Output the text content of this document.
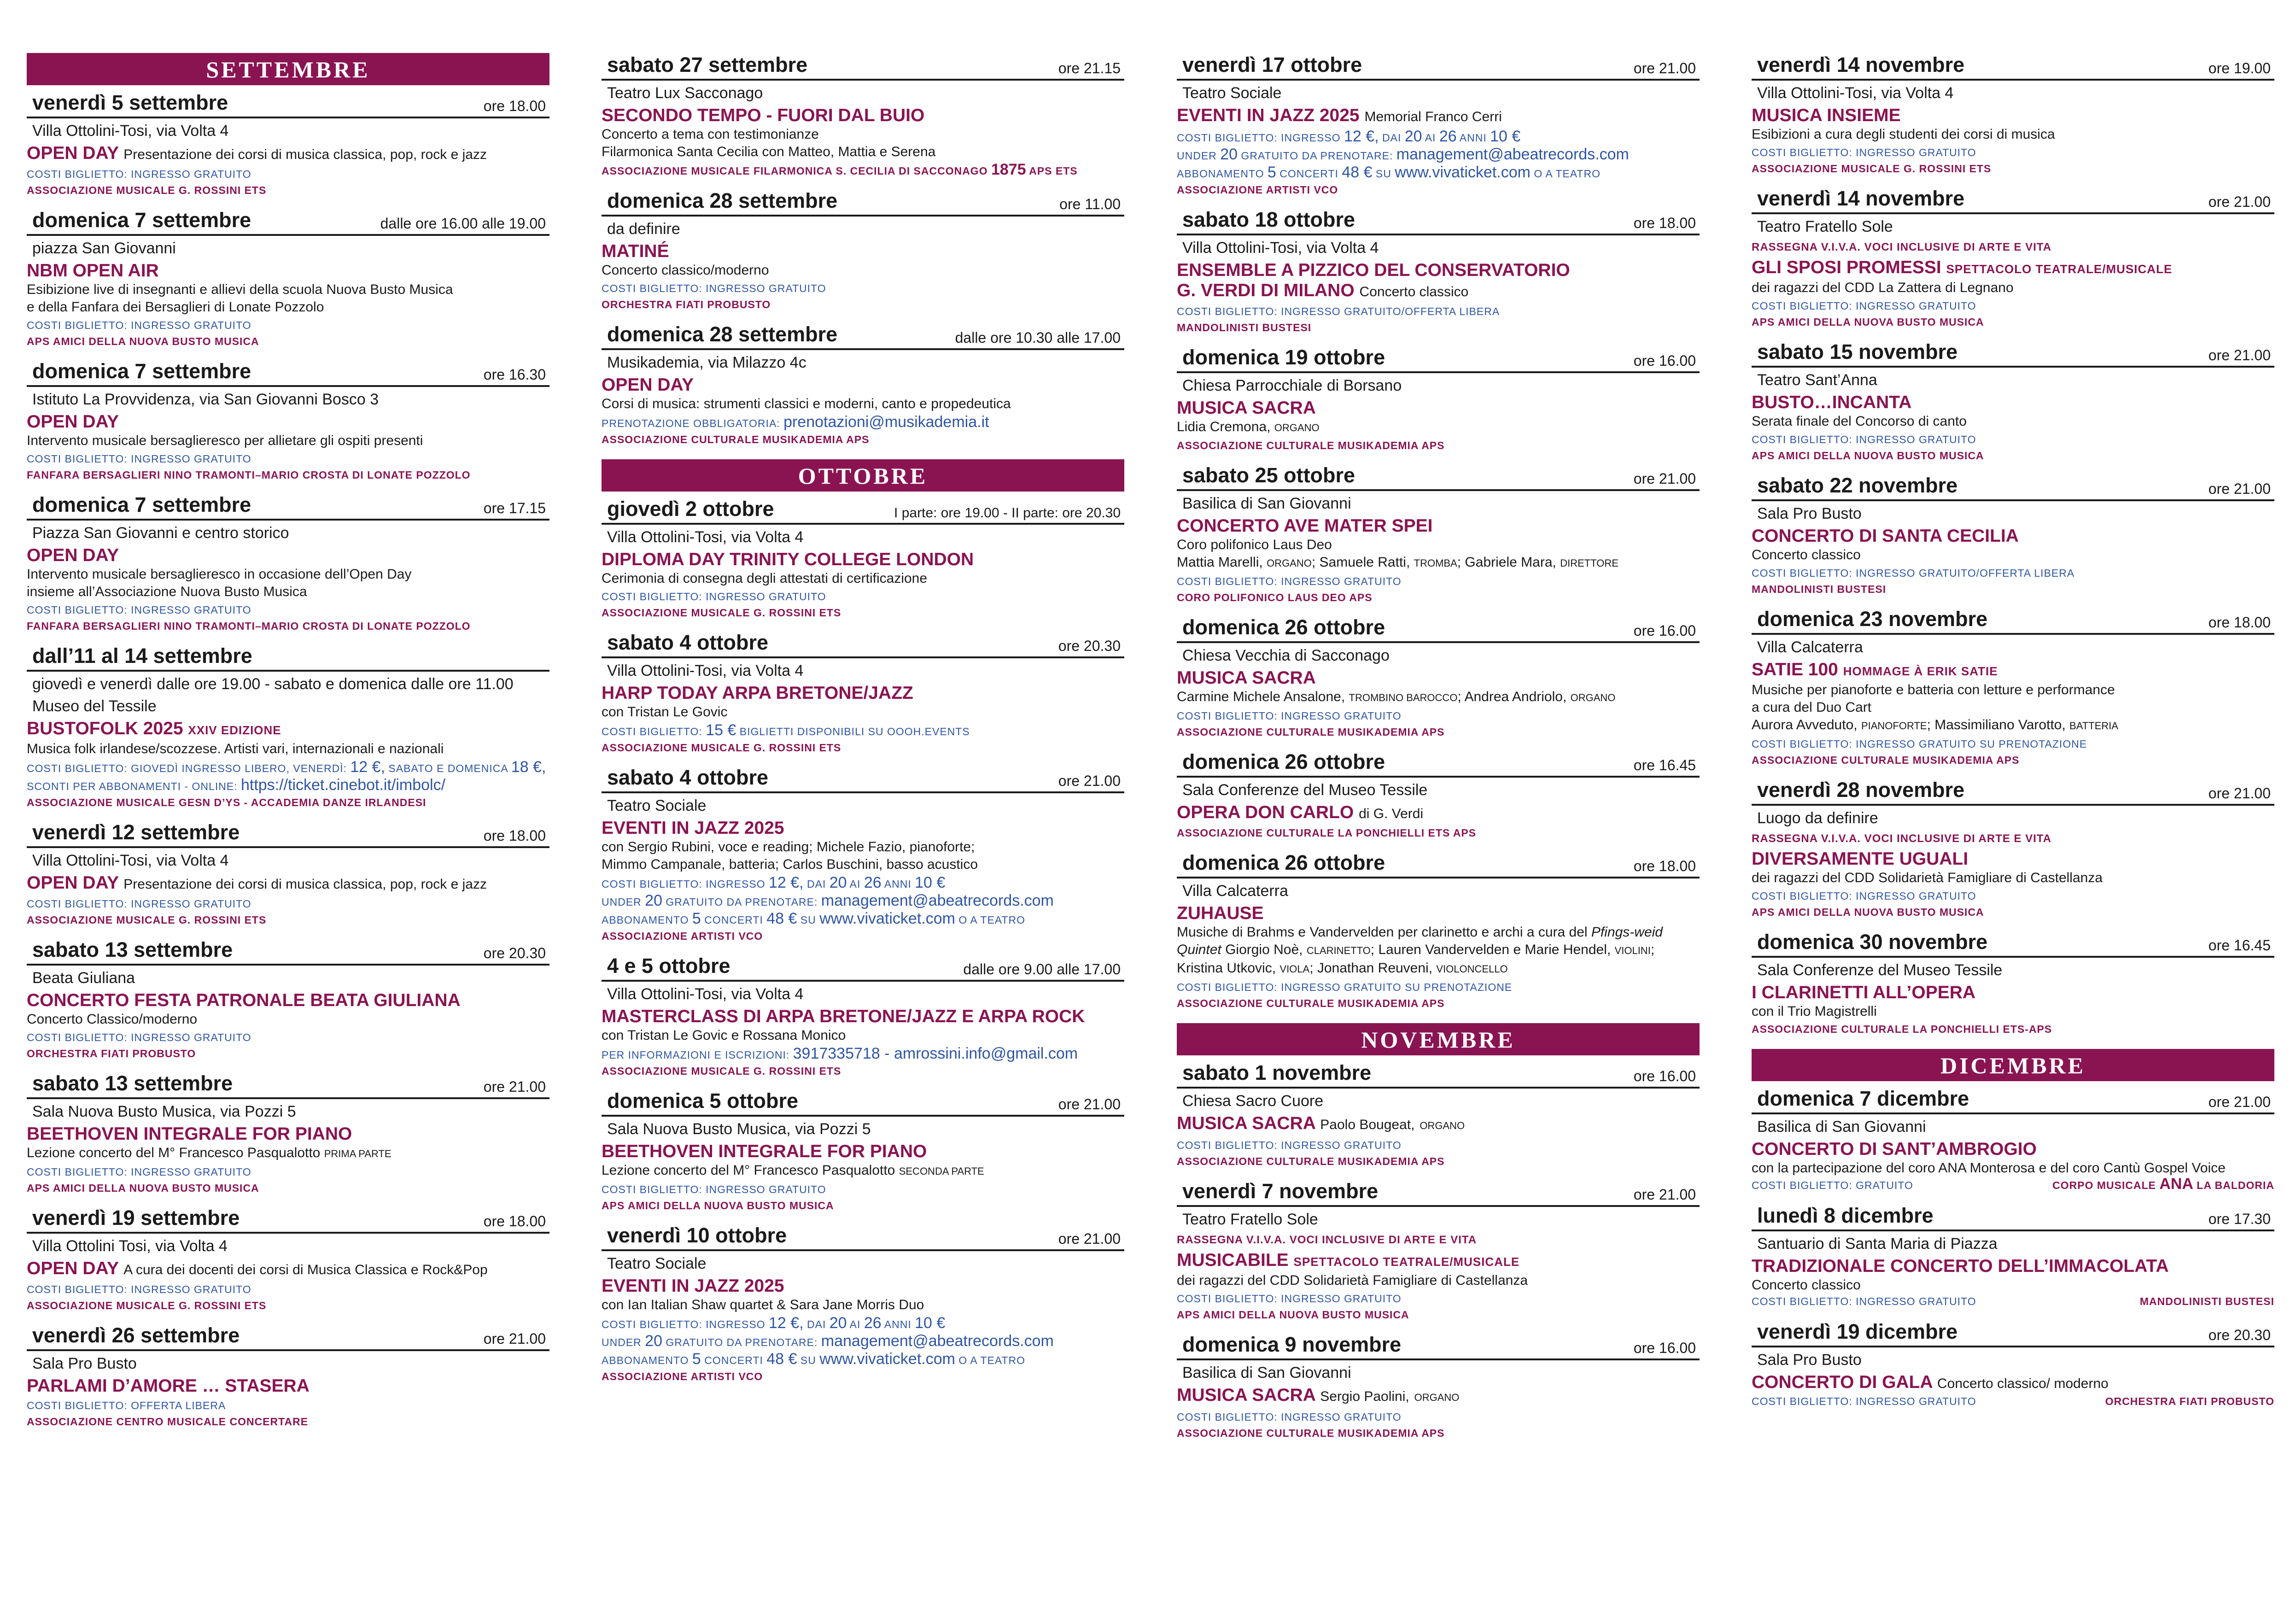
SETTEMBRE
venerdì 5 settembre	ore 18.00
Villa Ottolini-Tosi, via Volta 4
OPEN DAY Presentazione dei corsi di musica classica, pop, rock e jazz
COSTI BIGLIETTO: INGRESSO GRATUITO
ASSOCIAZIONE MUSICALE G. ROSSINI ETS
domenica 7 settembre	dalle ore 16.00 alle 19.00
piazza San Giovanni
NBM OPEN AIR
Esibizione live di insegnanti e allievi della scuola Nuova Busto Musica
e della Fanfara dei Bersaglieri di Lonate Pozzolo
COSTI BIGLIETTO: INGRESSO GRATUITO
APS AMICI DELLA NUOVA BUSTO MUSICA
domenica 7 settembre	ore 16.30
Istituto La Provvidenza, via San Giovanni Bosco 3
OPEN DAY
Intervento musicale bersaglieresco per allietare gli ospiti presenti
COSTI BIGLIETTO: INGRESSO GRATUITO
FANFARA BERSAGLIERI NINO TRAMONTI–MARIO CROSTA DI LONATE POZZOLO
domenica 7 settembre	ore 17.15
Piazza San Giovanni e centro storico
OPEN DAY
Intervento musicale bersaglieresco in occasione dell’Open Day
insieme all’Associazione Nuova Busto Musica
COSTI BIGLIETTO: INGRESSO GRATUITO
FANFARA BERSAGLIERI NINO TRAMONTI–MARIO CROSTA DI LONATE POZZOLO
dall’11 al 14 settembre
giovedì e venerdì dalle ore 19.00 - sabato e domenica dalle ore 11.00
Museo del Tessile
BUSTOFOLK 2025 XXIV EDIZIONE
Musica folk irlandese/scozzese. Artisti vari, internazionali e nazionali
COSTI BIGLIETTO: GIOVEDÌ INGRESSO LIBERO, VENERDÌ: 12 €, SABATO E DOMENICA 18 €,
SCONTI PER ABBONAMENTI - ONLINE: https://ticket.cinebot.it/imbolc/
ASSOCIAZIONE MUSICALE GESN D’YS - ACCADEMIA DANZE IRLANDESI
venerdì 12 settembre	ore 18.00
Villa Ottolini-Tosi, via Volta 4
OPEN DAY Presentazione dei corsi di musica classica, pop, rock e jazz
COSTI BIGLIETTO: INGRESSO GRATUITO
ASSOCIAZIONE MUSICALE G. ROSSINI ETS
sabato 13 settembre	ore 20.30
Beata Giuliana
CONCERTO FESTA PATRONALE BEATA GIULIANA
Concerto Classico/moderno
COSTI BIGLIETTO: INGRESSO GRATUITO
ORCHESTRA FIATI PROBUSTO
sabato 13 settembre	ore 21.00
Sala Nuova Busto Musica, via Pozzi 5
BEETHOVEN INTEGRALE FOR PIANO
Lezione concerto del M° Francesco Pasqualotto PRIMA PARTE
COSTI BIGLIETTO: INGRESSO GRATUITO
APS AMICI DELLA NUOVA BUSTO MUSICA
venerdì 19 settembre	ore 18.00
Villa Ottolini Tosi, via Volta 4
OPEN DAY A cura dei docenti dei corsi di Musica Classica e Rock&Pop
COSTI BIGLIETTO: INGRESSO GRATUITO
ASSOCIAZIONE MUSICALE G. ROSSINI ETS
venerdì 26 settembre	ore 21.00
Sala Pro Busto
PARLAMI D’AMORE … STASERA
COSTI BIGLIETTO: OFFERTA LIBERA
ASSOCIAZIONE CENTRO MUSICALE CONCERTARE
sabato 27 settembre	ore 21.15
Teatro Lux Sacconago
SECONDO TEMPO - FUORI DAL BUIO
Concerto a tema con testimonianze
Filarmonica Santa Cecilia con Matteo, Mattia e Serena
ASSOCIAZIONE MUSICALE FILARMONICA S. CECILIA DI SACCONAGO 1875 APS ETS
domenica 28 settembre	ore 11.00
da definire
MATINÉ
Concerto classico/moderno
COSTI BIGLIETTO: INGRESSO GRATUITO
ORCHESTRA FIATI PROBUSTO
domenica 28 settembre	dalle ore 10.30 alle 17.00
Musikademia, via Milazzo 4c
OPEN DAY
Corsi di musica: strumenti classici e moderni, canto e propedeutica
PRENOTAZIONE OBBLIGATORIA: prenotazioni@musikademia.it
ASSOCIAZIONE CULTURALE MUSIKADEMIA APS
OTTOBRE
giovedì 2 ottobre	I parte: ore 19.00 - II parte: ore 20.30
Villa Ottolini-Tosi, via Volta 4
DIPLOMA DAY TRINITY COLLEGE LONDON
Cerimonia di consegna degli attestati di certificazione
COSTI BIGLIETTO: INGRESSO GRATUITO
ASSOCIAZIONE MUSICALE G. ROSSINI ETS
sabato 4 ottobre	ore 20.30
Villa Ottolini-Tosi, via Volta 4
HARP TODAY ARPA BRETONE/JAZZ
con Tristan Le Govic
COSTI BIGLIETTO: 15 € BIGLIETTI DISPONIBILI SU OOOH.EVENTS
ASSOCIAZIONE MUSICALE G. ROSSINI ETS
sabato 4 ottobre	ore 21.00
Teatro Sociale
EVENTI IN JAZZ 2025
con Sergio Rubini, voce e reading; Michele Fazio, pianoforte;
Mimmo Campanale, batteria; Carlos Buschini, basso acustico
COSTI BIGLIETTO: INGRESSO 12 €, DAI 20 AI 26 ANNI 10 €
UNDER 20 GRATUITO DA PRENOTARE: management@abeatrecords.com
ABBONAMENTO 5 CONCERTI 48 € SU www.vivaticket.com O A TEATRO
ASSOCIAZIONE ARTISTI VCO
4 e 5 ottobre	dalle ore 9.00 alle 17.00
Villa Ottolini-Tosi, via Volta 4
MASTERCLASS DI ARPA BRETONE/JAZZ E ARPA ROCK
con Tristan Le Govic e Rossana Monico
PER INFORMAZIONI E ISCRIZIONI: 3917335718 - amrossini.info@gmail.com
ASSOCIAZIONE MUSICALE G. ROSSINI ETS
domenica 5 ottobre	ore 21.00
Sala Nuova Busto Musica, via Pozzi 5
BEETHOVEN INTEGRALE FOR PIANO
Lezione concerto del M° Francesco Pasqualotto SECONDA PARTE
COSTI BIGLIETTO: INGRESSO GRATUITO
APS AMICI DELLA NUOVA BUSTO MUSICA
venerdì 10 ottobre	ore 21.00
Teatro Sociale
EVENTI IN JAZZ 2025
con Ian Italian Shaw quartet & Sara Jane Morris Duo
COSTI BIGLIETTO: INGRESSO 12 €, DAI 20 AI 26 ANNI 10 €
UNDER 20 GRATUITO DA PRENOTARE: management@abeatrecords.com
ABBONAMENTO 5 CONCERTI 48 € SU www.vivaticket.com O A TEATRO
ASSOCIAZIONE ARTISTI VCO
venerdì 17 ottobre	ore 21.00
Teatro Sociale
EVENTI IN JAZZ 2025 Memorial Franco Cerri
COSTI BIGLIETTO: INGRESSO 12 €, DAI 20 AI 26 ANNI 10 €
UNDER 20 GRATUITO DA PRENOTARE: management@abeatrecords.com
ABBONAMENTO 5 CONCERTI 48 € SU www.vivaticket.com O A TEATRO
ASSOCIAZIONE ARTISTI VCO
sabato 18 ottobre	ore 18.00
Villa Ottolini-Tosi, via Volta 4
ENSEMBLE A PIZZICO DEL CONSERVATORIO
G. VERDI DI MILANO Concerto classico
COSTI BIGLIETTO: INGRESSO GRATUITO/OFFERTA LIBERA
MANDOLINISTI BUSTESI
domenica 19 ottobre	ore 16.00
Chiesa Parrocchiale di Borsano
MUSICA SACRA
Lidia Cremona, ORGANO
ASSOCIAZIONE CULTURALE MUSIKADEMIA APS
sabato 25 ottobre	ore 21.00
Basilica di San Giovanni
CONCERTO AVE MATER SPEI
Coro polifonico Laus Deo
Mattia Marelli, ORGANO; Samuele Ratti, TROMBA; Gabriele Mara, DIRETTORE
COSTI BIGLIETTO: INGRESSO GRATUITO
CORO POLIFONICO LAUS DEO APS
domenica 26 ottobre	ore 16.00
Chiesa Vecchia di Sacconago
MUSICA SACRA
Carmine Michele Ansalone, TROMBINO BAROCCO; Andrea Andriolo, ORGANO
COSTI BIGLIETTO: INGRESSO GRATUITO
ASSOCIAZIONE CULTURALE MUSIKADEMIA APS
domenica 26 ottobre	ore 16.45
Sala Conferenze del Museo Tessile
OPERA DON CARLO di G. Verdi
ASSOCIAZIONE CULTURALE LA PONCHIELLI ETS APS
domenica 26 ottobre	ore 18.00
Villa Calcaterra
ZUHAUSE
Musiche di Brahms e Vandervelden per clarinetto e archi a cura del Pfings-weid Quintet Giorgio Noè, CLARINETTO; Lauren Vandervelden e Marie Hendel, VIOLINI; Kristina Utkovic, VIOLA; Jonathan Reuveni, VIOLONCELLO
COSTI BIGLIETTO: INGRESSO GRATUITO SU PRENOTAZIONE
ASSOCIAZIONE CULTURALE MUSIKADEMIA APS
NOVEMBRE
sabato 1 novembre	ore 16.00
Chiesa Sacro Cuore
MUSICA SACRA Paolo Bougeat, ORGANO
COSTI BIGLIETTO: INGRESSO GRATUITO
ASSOCIAZIONE CULTURALE MUSIKADEMIA APS
venerdì 7 novembre	ore 21.00
Teatro Fratello Sole
RASSEGNA V.I.V.A. VOCI INCLUSIVE DI ARTE E VITA
MUSICABILE SPETTACOLO TEATRALE/MUSICALE
dei ragazzi del CDD Solidarietà Famigliare di Castellanza
COSTI BIGLIETTO: INGRESSO GRATUITO
APS AMICI DELLA NUOVA BUSTO MUSICA
domenica 9 novembre	ore 16.00
Basilica di San Giovanni
MUSICA SACRA Sergio Paolini, ORGANO
COSTI BIGLIETTO: INGRESSO GRATUITO
ASSOCIAZIONE CULTURALE MUSIKADEMIA APS
venerdì 14 novembre	ore 19.00
Villa Ottolini-Tosi, via Volta 4
MUSICA INSIEME
Esibizioni a cura degli studenti dei corsi di musica
COSTI BIGLIETTO: INGRESSO GRATUITO
ASSOCIAZIONE MUSICALE G. ROSSINI ETS
venerdì 14 novembre	ore 21.00
Teatro Fratello Sole
RASSEGNA V.I.V.A. VOCI INCLUSIVE DI ARTE E VITA
GLI SPOSI PROMESSI SPETTACOLO TEATRALE/MUSICALE
dei ragazzi del CDD La Zattera di Legnano
COSTI BIGLIETTO: INGRESSO GRATUITO
APS AMICI DELLA NUOVA BUSTO MUSICA
sabato 15 novembre	ore 21.00
Teatro Sant’Anna
BUSTO…INCANTA
Serata finale del Concorso di canto
COSTI BIGLIETTO: INGRESSO GRATUITO
APS AMICI DELLA NUOVA BUSTO MUSICA
sabato 22 novembre	ore 21.00
Sala Pro Busto
CONCERTO DI SANTA CECILIA
Concerto classico
COSTI BIGLIETTO: INGRESSO GRATUITO/OFFERTA LIBERA
MANDOLINISTI BUSTESI
domenica 23 novembre	ore 18.00
Villa Calcaterra
SATIE 100 HOMMAGE À ERIK SATIE
Musiche per pianoforte e batteria con letture e performance
a cura del Duo Cart
Aurora Avveduto, PIANOFORTE; Massimiliano Varotto, BATTERIA
COSTI BIGLIETTO: INGRESSO GRATUITO SU PRENOTAZIONE
ASSOCIAZIONE CULTURALE MUSIKADEMIA APS
venerdì 28 novembre	ore 21.00
Luogo da definire
RASSEGNA V.I.V.A. VOCI INCLUSIVE DI ARTE E VITA
DIVERSAMENTE UGUALI
dei ragazzi del CDD Solidarietà Famigliare di Castellanza
COSTI BIGLIETTO: INGRESSO GRATUITO
APS AMICI DELLA NUOVA BUSTO MUSICA
domenica 30 novembre	ore 16.45
Sala Conferenze del Museo Tessile
I CLARINETTI ALL’OPERA
con il Trio Magistrelli
ASSOCIAZIONE CULTURALE LA PONCHIELLI ETS-APS
DICEMBRE
domenica 7 dicembre	ore 21.00
Basilica di San Giovanni
CONCERTO DI SANT’AMBROGIO
con la partecipazione del coro ANA Monterosa e del coro Cantù Gospel Voice
COSTI BIGLIETTO: GRATUITO	CORPO MUSICALE ANA LA BALDORIA
lunedì 8 dicembre	ore 17.30
Santuario di Santa Maria di Piazza
TRADIZIONALE CONCERTO DELL’IMMACOLATA
Concerto classico
COSTI BIGLIETTO: INGRESSO GRATUITO	MANDOLINISTI BUSTESI
venerdì 19 dicembre	ore 20.30
Sala Pro Busto
CONCERTO DI GALA Concerto classico/ moderno
COSTI BIGLIETTO: INGRESSO GRATUITO	ORCHESTRA FIATI PROBUSTO
